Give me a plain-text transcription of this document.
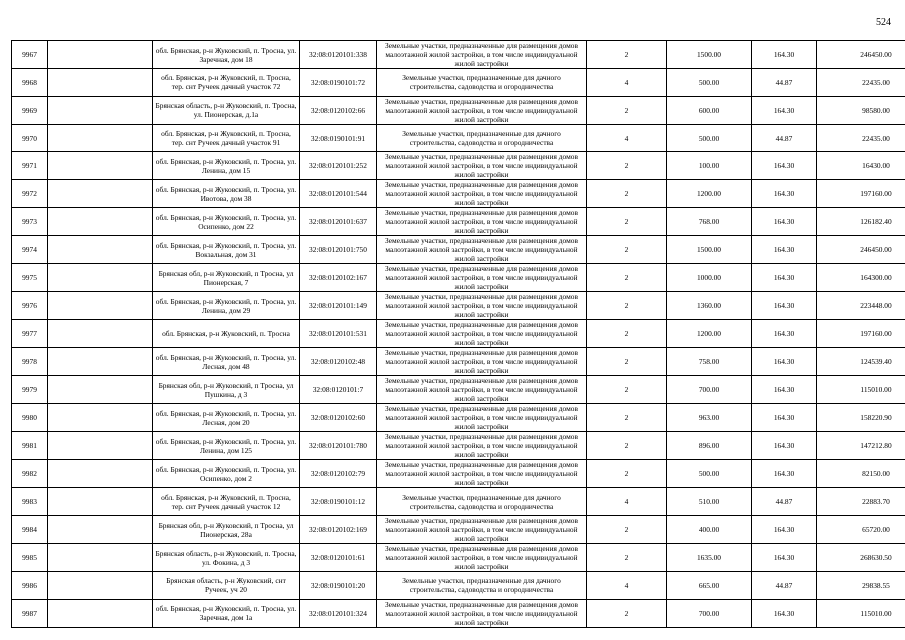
524
9967		обл. Брянская, р-н Жуковский, п. Тросна, ул. Заречная, дом 18	32:08:0120101:338	Земельные участки, предназначенные для размещения домов малоэтажной жилой застройки, в том числе индивидуальной жилой застройки	2	1500.00	164.30	246450.00
9968		обл. Брянская, р-н Жуковский, п. Тросна, тер. снт Ручеек дачный участок 72	32:08:0190101:72	Земельные участки, предназначенные для дачного строительства, садоводства и огородничества	4	500.00	44.87	22435.00
9969		Брянская область, р-н Жуковский, п. Тросна, ул. Пионерская, д.1а	32:08:0120102:66	Земельные участки, предназначенные для размещения домов малоэтажной жилой застройки, в том числе индивидуальной жилой застройки	2	600.00	164.30	98580.00
9970		обл. Брянская, р-н Жуковский, п. Тросна, тер. снт Ручеек дачный участок 91	32:08:0190101:91	Земельные участки, предназначенные для дачного строительства, садоводства и огородничества	4	500.00	44.87	22435.00
9971		обл. Брянская, р-н Жуковский, п. Тросна, ул. Ленина, дом 15	32:08:0120101:252	Земельные участки, предназначенные для размещения домов малоэтажной жилой застройки, в том числе индивидуальной жилой застройки	2	100.00	164.30	16430.00
9972		обл. Брянская, р-н Жуковский, п. Тросна, ул. Ивотова, дом 38	32:08:0120101:544	Земельные участки, предназначенные для размещения домов малоэтажной жилой застройки, в том числе индивидуальной жилой застройки	2	1200.00	164.30	197160.00
9973		обл. Брянская, р-н Жуковский, п. Тросна, ул. Осипенко, дом 22	32:08:0120101:637	Земельные участки, предназначенные для размещения домов малоэтажной жилой застройки, в том числе индивидуальной жилой застройки	2	768.00	164.30	126182.40
9974		обл. Брянская, р-н Жуковский, п. Тросна, ул. Вокзальная, дом 31	32:08:0120101:750	Земельные участки, предназначенные для размещения домов малоэтажной жилой застройки, в том числе индивидуальной жилой застройки	2	1500.00	164.30	246450.00
9975		Брянская обл, р-н Жуковский, п Тросна, ул Пионерская, 7	32:08:0120102:167	Земельные участки, предназначенные для размещения домов малоэтажной жилой застройки, в том числе индивидуальной жилой застройки	2	1000.00	164.30	164300.00
9976		обл. Брянская, р-н Жуковский, п. Тросна, ул. Ленина, дом 29	32:08:0120101:149	Земельные участки, предназначенные для размещения домов малоэтажной жилой застройки, в том числе индивидуальной жилой застройки	2	1360.00	164.30	223448.00
9977		обл. Брянская, р-н Жуковский, п. Тросна	32:08:0120101:531	Земельные участки, предназначенные для размещения домов малоэтажной жилой застройки, в том числе индивидуальной жилой застройки	2	1200.00	164.30	197160.00
9978		обл. Брянская, р-н Жуковский, п. Тросна, ул. Лесная, дом 48	32:08:0120102:48	Земельные участки, предназначенные для размещения домов малоэтажной жилой застройки, в том числе индивидуальной жилой застройки	2	758.00	164.30	124539.40
9979		Брянская обл, р-н Жуковский, п Тросна, ул Пушкина, д 3	32:08:0120101:7	Земельные участки, предназначенные для размещения домов малоэтажной жилой застройки, в том числе индивидуальной жилой застройки	2	700.00	164.30	115010.00
9980		обл. Брянская, р-н Жуковский, п. Тросна, ул. Лесная, дом 20	32:08:0120102:60	Земельные участки, предназначенные для размещения домов малоэтажной жилой застройки, в том числе индивидуальной жилой застройки	2	963.00	164.30	158220.90
9981		обл. Брянская, р-н Жуковский, п. Тросна, ул. Ленина, дом 125	32:08:0120101:780	Земельные участки, предназначенные для размещения домов малоэтажной жилой застройки, в том числе индивидуальной жилой застройки	2	896.00	164.30	147212.80
9982		обл. Брянская, р-н Жуковский, п. Тросна, ул. Осипенко, дом 2	32:08:0120102:79	Земельные участки, предназначенные для размещения домов малоэтажной жилой застройки, в том числе индивидуальной жилой застройки	2	500.00	164.30	82150.00
9983		обл. Брянская, р-н Жуковский, п. Тросна, тер. снт Ручеек дачный участок 12	32:08:0190101:12	Земельные участки, предназначенные для дачного строительства, садоводства и огородничества	4	510.00	44.87	22883.70
9984		Брянская обл, р-н Жуковский, п Тросна, ул Пионерская, 28а	32:08:0120102:169	Земельные участки, предназначенные для размещения домов малоэтажной жилой застройки, в том числе индивидуальной жилой застройки	2	400.00	164.30	65720.00
9985		Брянская область, р-н Жуковский, п. Тросна, ул. Фокина, д 3	32:08:0120101:61	Земельные участки, предназначенные для размещения домов малоэтажной жилой застройки, в том числе индивидуальной жилой застройки	2	1635.00	164.30	268630.50
9986		Брянская область, р-н Жуковский, снт Ручеек, уч 20	32:08:0190101:20	Земельные участки, предназначенные для дачного строительства, садоводства и огородничества	4	665.00	44.87	29838.55
9987		обл. Брянская, р-н Жуковский, п. Тросна, ул. Заречная, дом 1а	32:08:0120101:324	Земельные участки, предназначенные для размещения домов малоэтажной жилой застройки, в том числе индивидуальной жилой застройки	2	700.00	164.30	115010.00
